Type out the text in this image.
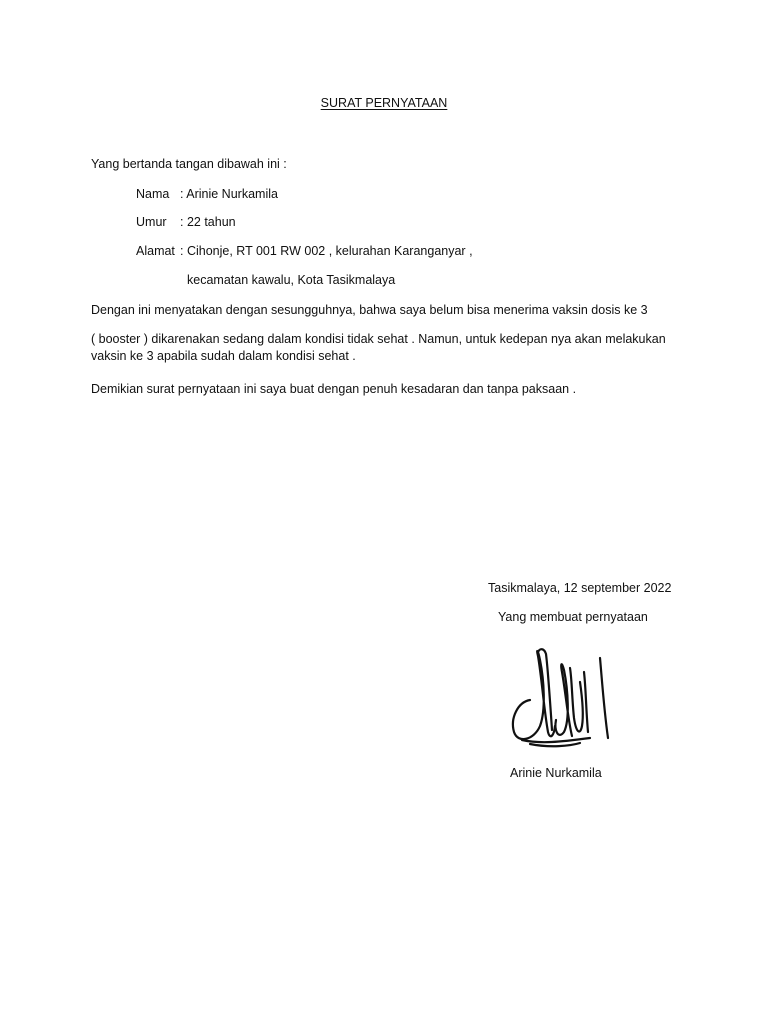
SURAT PERNYATAAN
Yang bertanda tangan dibawah ini :
Nama : Arinie Nurkamila
Umur : 22 tahun
Alamat : Cihonje, RT 001 RW 002 , kelurahan Karanganyar ,
kecamatan kawalu, Kota Tasikmalaya
Dengan ini menyatakan dengan sesungguhnya, bahwa saya belum bisa menerima vaksin dosis ke 3
( booster ) dikarenakan sedang dalam kondisi tidak sehat . Namun, untuk kedepan nya akan melakukan
vaksin ke 3 apabila sudah dalam kondisi sehat .
Demikian surat pernyataan ini saya buat dengan penuh kesadaran dan tanpa paksaan .
Tasikmalaya, 12 september 2022
Yang membuat pernyataan
Arinie Nurkamila
